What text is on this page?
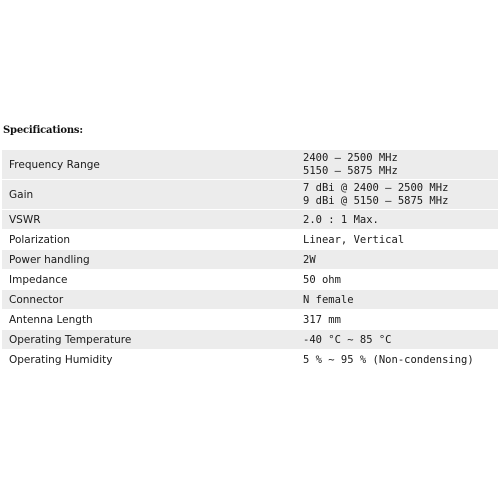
Specifications:

Frequency Range	2400 – 2500 MHz
5150 – 5875 MHz

Gain	7 dBi @ 2400 – 2500 MHz
9 dBi @ 5150 – 5875 MHz

VSWR	2.0 : 1 Max.
Polarization	Linear, Vertical
Power handling	2W
Impedance	50 ohm
Connector	N female
Antenna Length	317 mm
Operating Temperature	-40 °C ~ 85 °C
Operating Humidity	5 % ~ 95 % (Non-condensing)
